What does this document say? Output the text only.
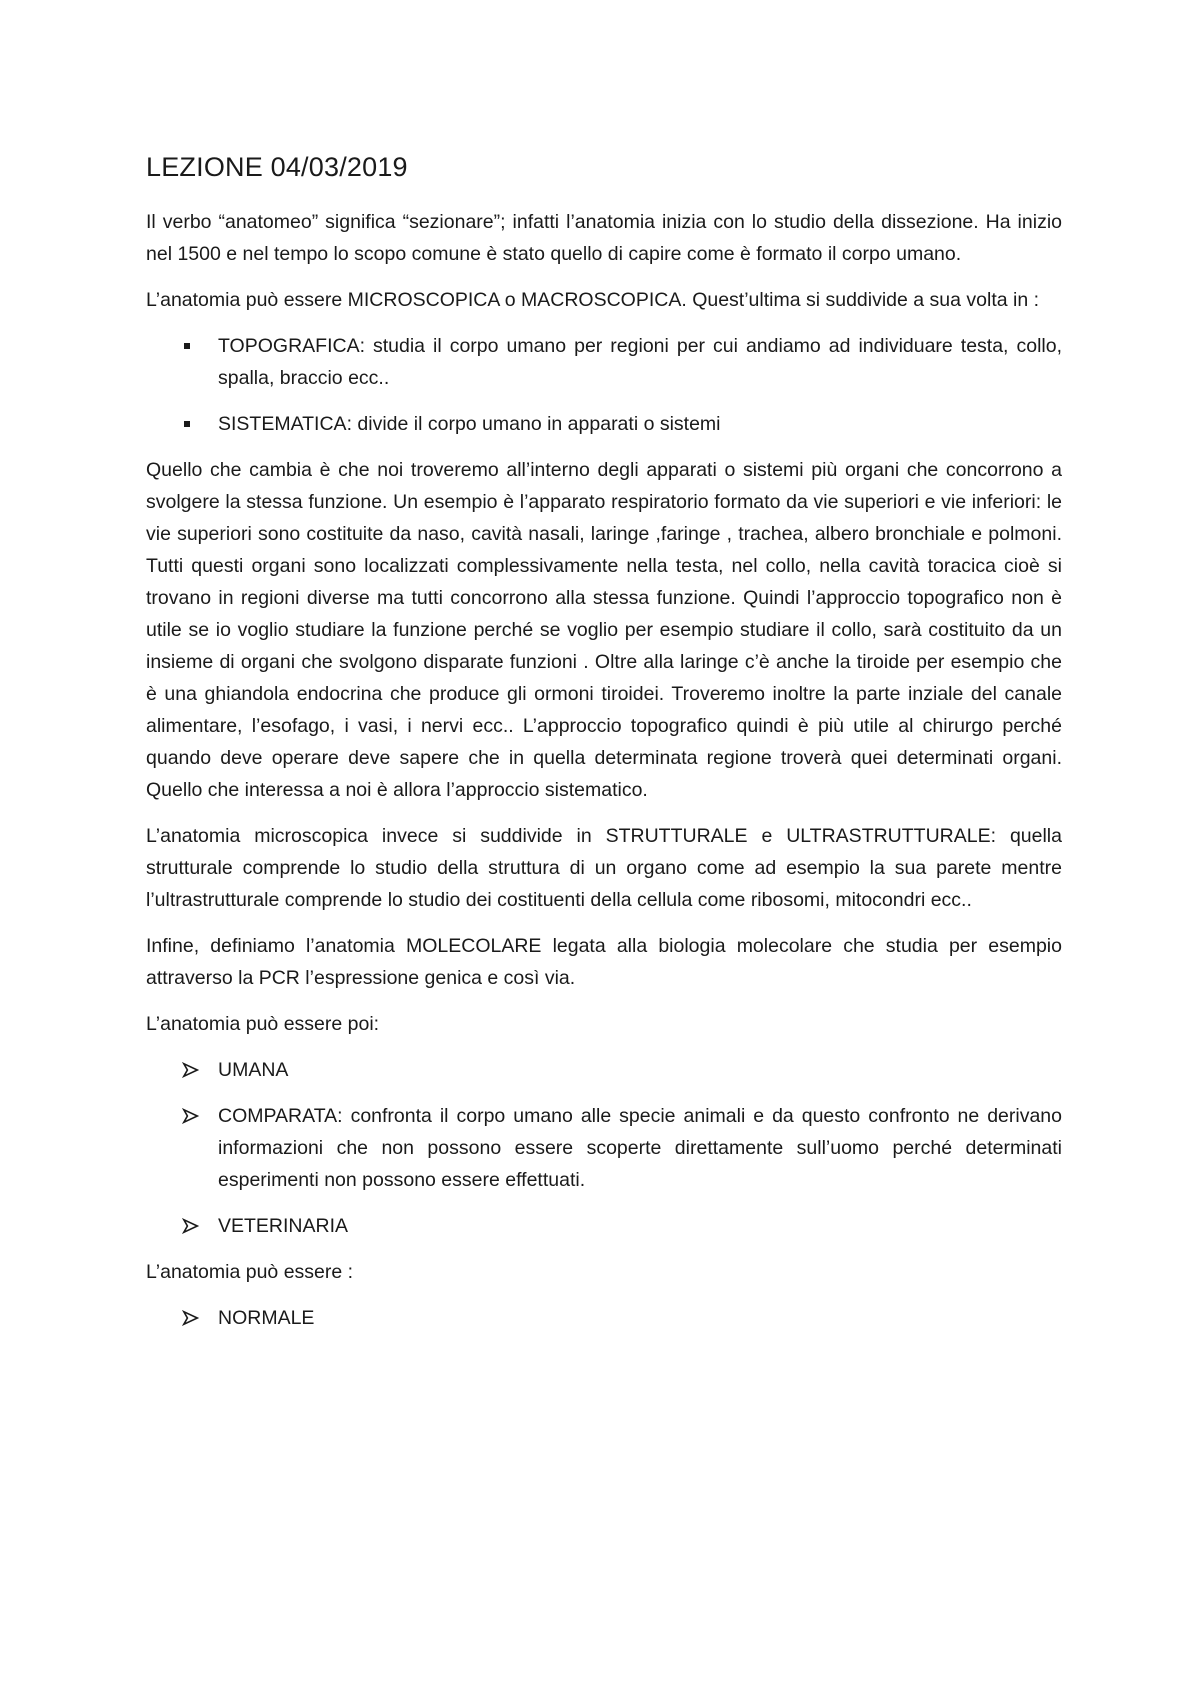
LEZIONE 04/03/2019

Il verbo “anatomeo” significa “sezionare”; infatti l’anatomia inizia con lo studio della dissezione. Ha inizio nel 1500 e nel tempo lo scopo comune è stato quello di capire come è formato il corpo umano.

L’anatomia può essere MICROSCOPICA o MACROSCOPICA. Quest’ultima si suddivide a sua volta in :

TOPOGRAFICA: studia il corpo umano per regioni per cui andiamo ad individuare testa, collo, spalla, braccio ecc..
SISTEMATICA: divide il corpo umano in apparati o sistemi

Quello che cambia è che noi troveremo all’interno degli apparati o sistemi più organi che concorrono a svolgere la stessa funzione. Un esempio è l’apparato respiratorio formato da vie superiori e vie inferiori: le vie superiori sono costituite da naso, cavità nasali, laringe ,faringe , trachea, albero bronchiale e polmoni. Tutti questi organi sono localizzati complessivamente nella testa, nel collo, nella cavità toracica cioè si trovano in regioni diverse ma tutti concorrono alla stessa funzione. Quindi l’approccio topografico non è utile se io voglio studiare la funzione perché se voglio per esempio studiare il collo, sarà costituito da un insieme di organi che svolgono disparate funzioni . Oltre alla laringe c’è anche la tiroide per esempio che è una ghiandola endocrina che produce gli ormoni tiroidei. Troveremo inoltre la parte inziale del canale alimentare, l’esofago, i vasi, i nervi ecc.. L’approccio topografico quindi è più utile al chirurgo perché quando deve operare deve sapere che in quella determinata regione troverà quei determinati organi. Quello che interessa a noi è allora l’approccio sistematico.

L’anatomia microscopica invece si suddivide in STRUTTURALE e ULTRASTRUTTURALE: quella strutturale comprende lo studio della struttura di un organo come ad esempio la sua parete mentre l’ultrastrutturale comprende lo studio dei costituenti della cellula come ribosomi, mitocondri ecc..

Infine, definiamo l’anatomia MOLECOLARE legata alla biologia molecolare che studia per esempio attraverso la PCR l’espressione genica e così via.

L’anatomia può essere poi:

UMANA
COMPARATA: confronta il corpo umano alle specie animali e da questo confronto ne derivano informazioni che non possono essere scoperte direttamente sull’uomo perché determinati esperimenti non possono essere effettuati.
VETERINARIA

L’anatomia può essere :

NORMALE
